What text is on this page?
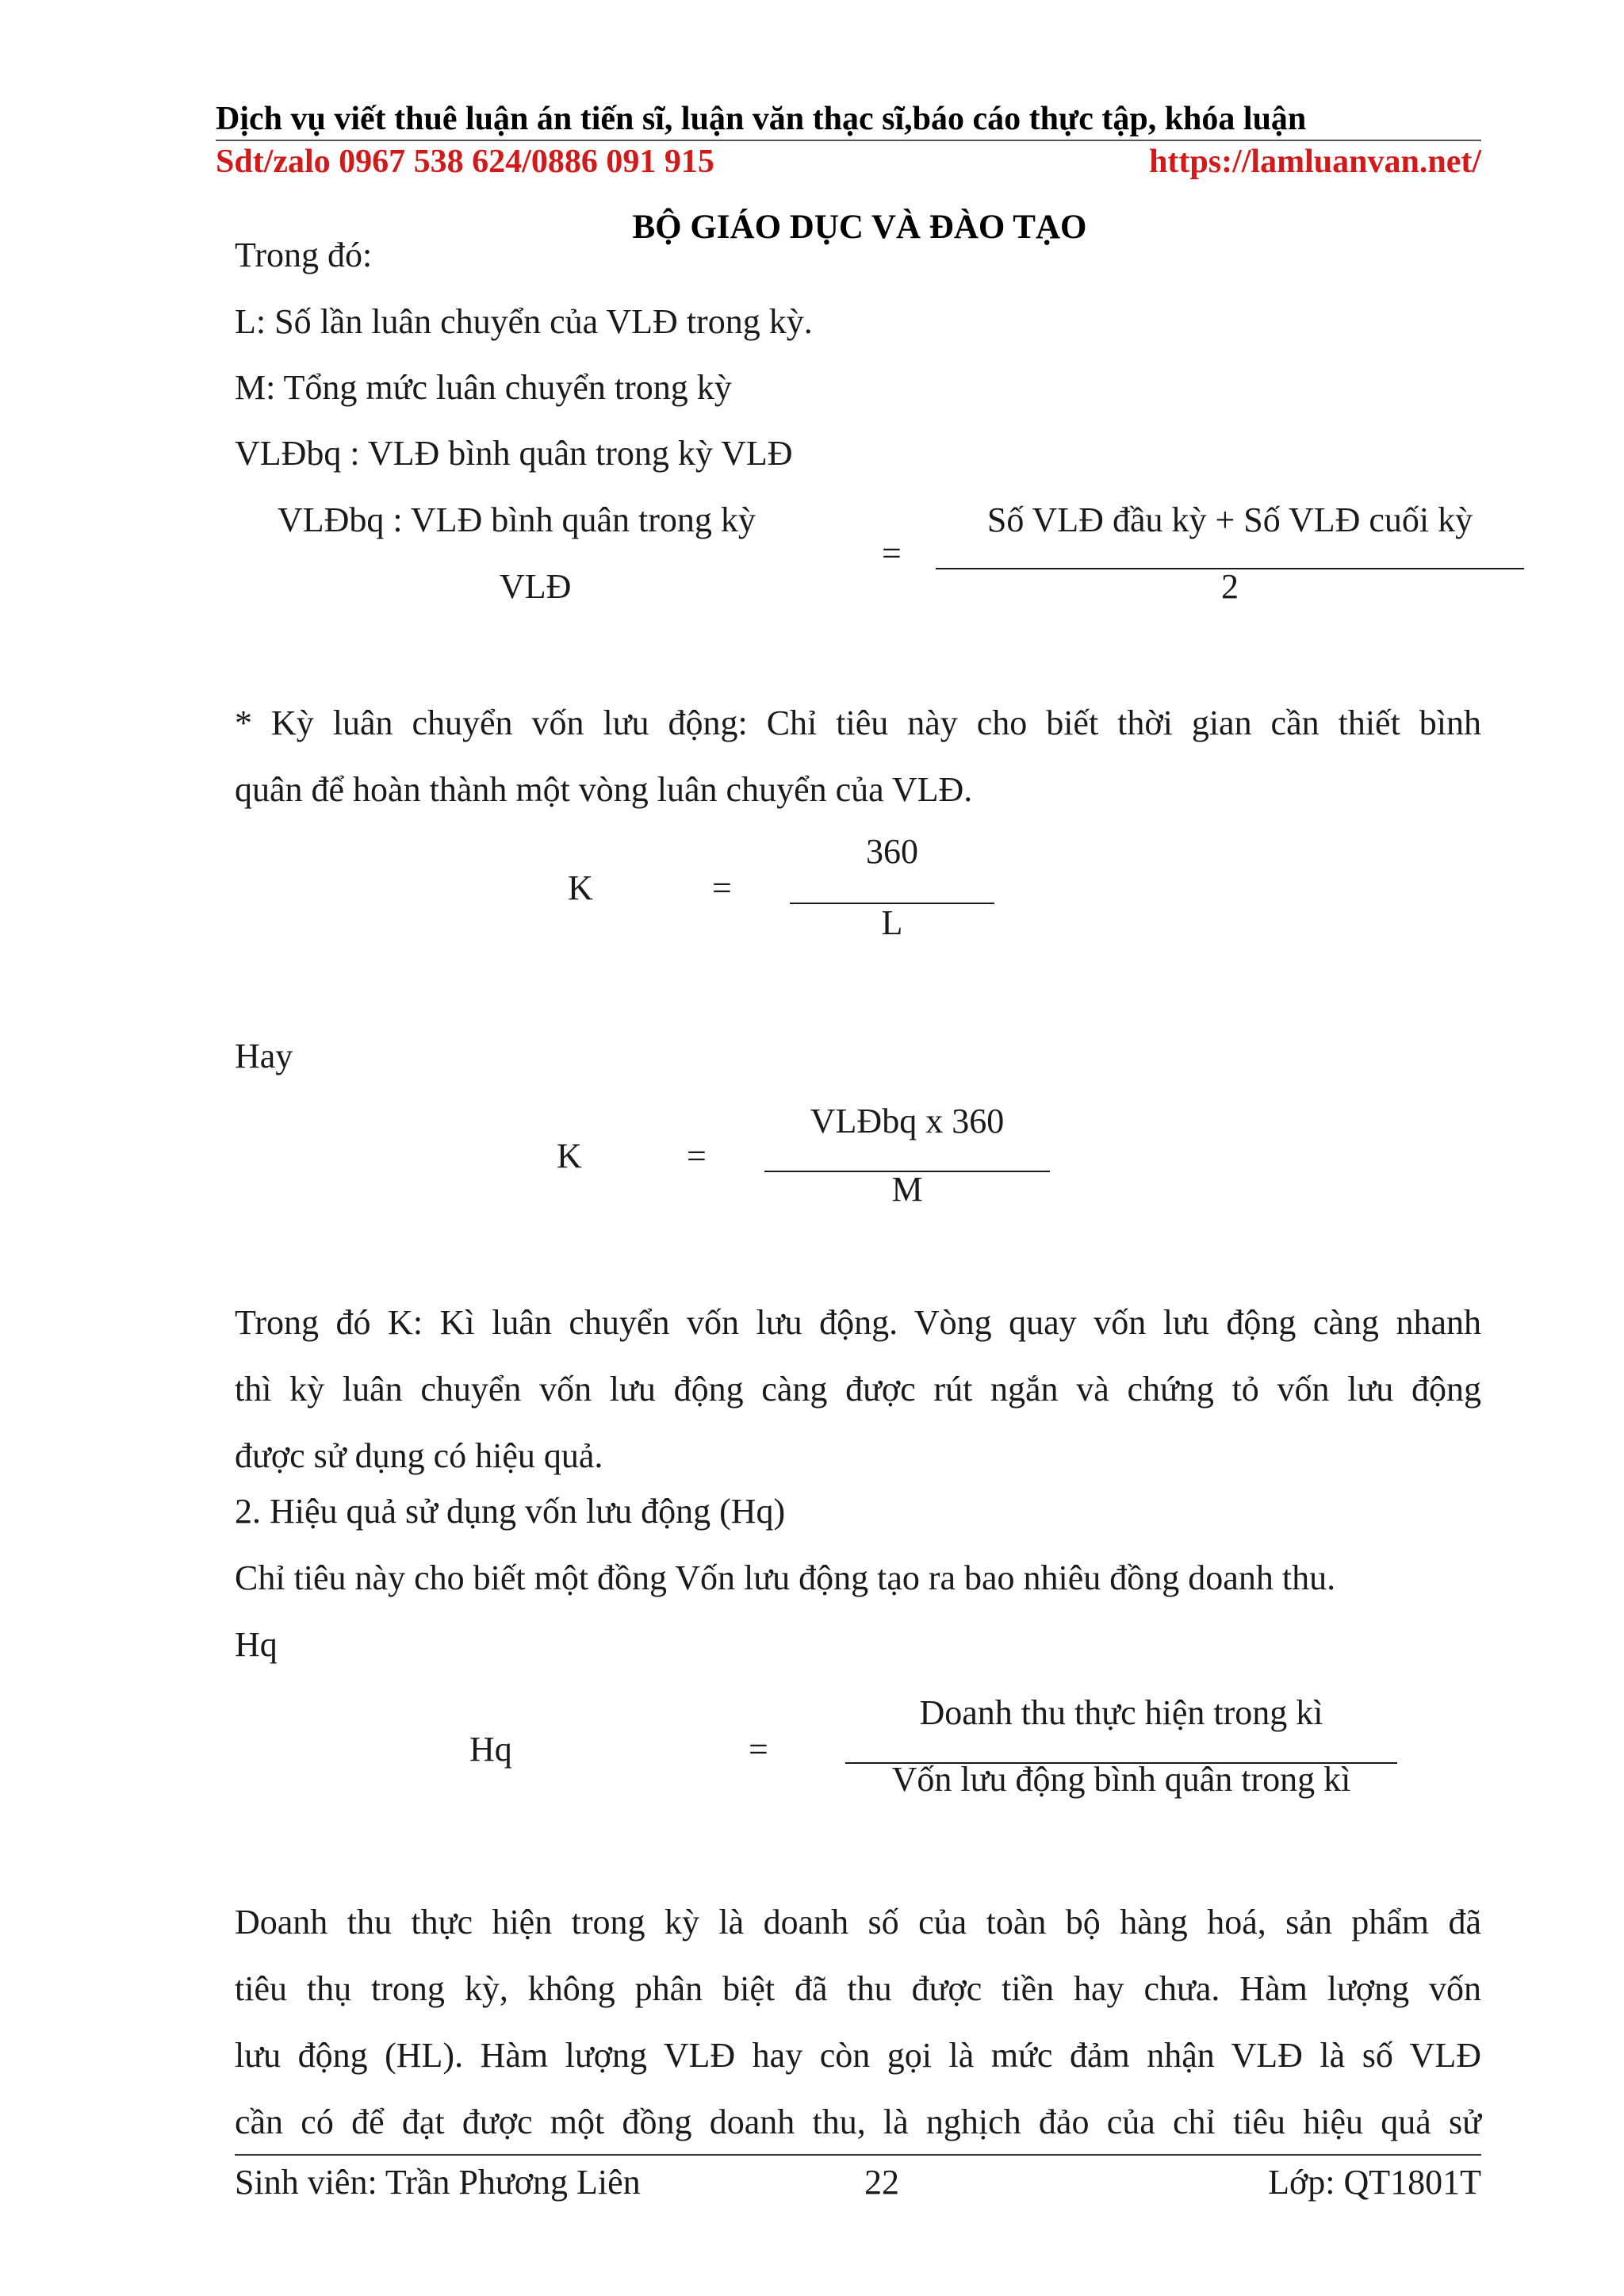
Dịch vụ viết thuê luận án tiến sĩ, luận văn thạc sĩ,báo cáo thực tập, khóa luận
Sdt/zalo 0967 538 624/0886 091 915	https://lamluanvan.net/
BỘ GIÁO DỤC VÀ ĐÀO TẠO
Trong đó:
L: Số lần luân chuyển của VLĐ trong kỳ.
M: Tổng mức luân chuyển trong kỳ
VLĐbq : VLĐ bình quân trong kỳ VLĐ
VLĐbq : VLĐ bình quân trong kỳ
VLĐ
=
Số VLĐ đầu kỳ + Số VLĐ cuối kỳ
2
* Kỳ luân chuyển vốn lưu động: Chỉ tiêu này cho biết thời gian cần thiết bình
quân để hoàn thành một vòng luân chuyển của VLĐ.
K	=
360
L
Hay
K	=
VLĐbq x 360
M
Trong đó K: Kì luân chuyển vốn lưu động. Vòng quay vốn lưu động càng nhanh
thì kỳ luân chuyển vốn lưu động càng được rút ngắn và chứng tỏ vốn lưu động
được sử dụng có hiệu quả.
2. Hiệu quả sử dụng vốn lưu động (Hq)
Chỉ tiêu này cho biết một đồng Vốn lưu động tạo ra bao nhiêu đồng doanh thu.
Hq
Hq	=
Doanh thu thực hiện trong kì
Vốn lưu động bình quân trong kì
Doanh thu thực hiện trong kỳ là doanh số của toàn bộ hàng hoá, sản phẩm đã
tiêu thụ trong kỳ, không phân biệt đã thu được tiền hay chưa. Hàm lượng vốn
lưu động (HL). Hàm lượng VLĐ hay còn gọi là mức đảm nhận VLĐ là số VLĐ
cần có để đạt được một đồng doanh thu, là nghịch đảo của chỉ tiêu hiệu quả sử
Sinh viên: Trần Phương Liên	22	Lớp: QT1801T
